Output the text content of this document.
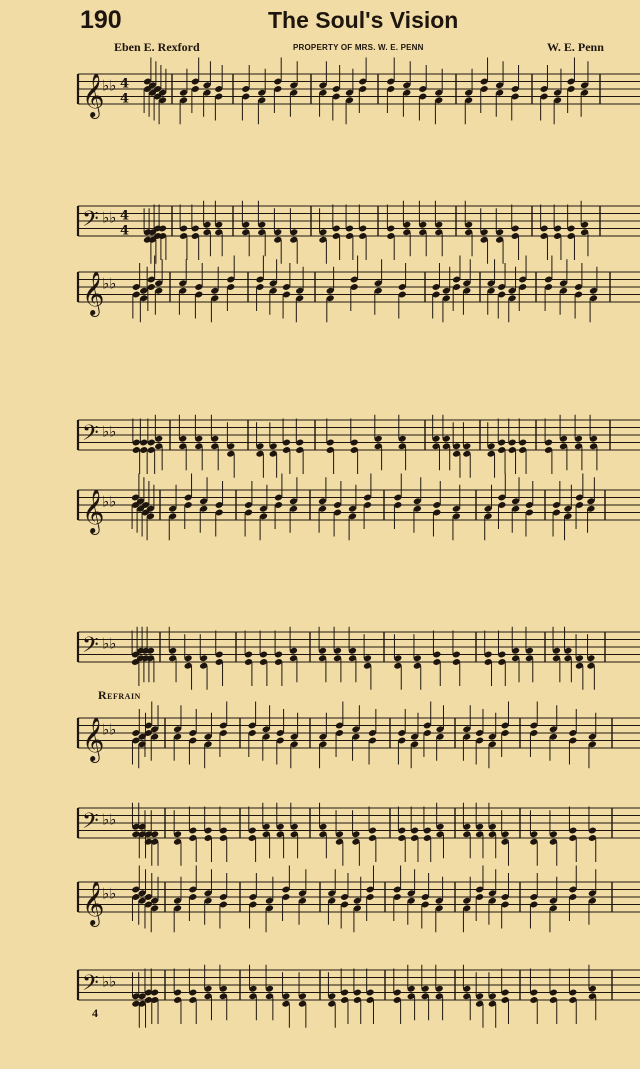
190	The Soul's Vision
Eben E. Rexford	PROPERTY OF MRS. W. E. PENN	W. E. Penn
𝄞
♭♭ 4
4
𝄢 ♭♭ 4
4
𝄞
♭♭
𝄢 ♭♭
𝄞
♭♭
𝄢 ♭♭
Refrain
𝄞
♭♭
𝄢 ♭♭
𝄞
♭♭
𝄢 ♭♭
4
